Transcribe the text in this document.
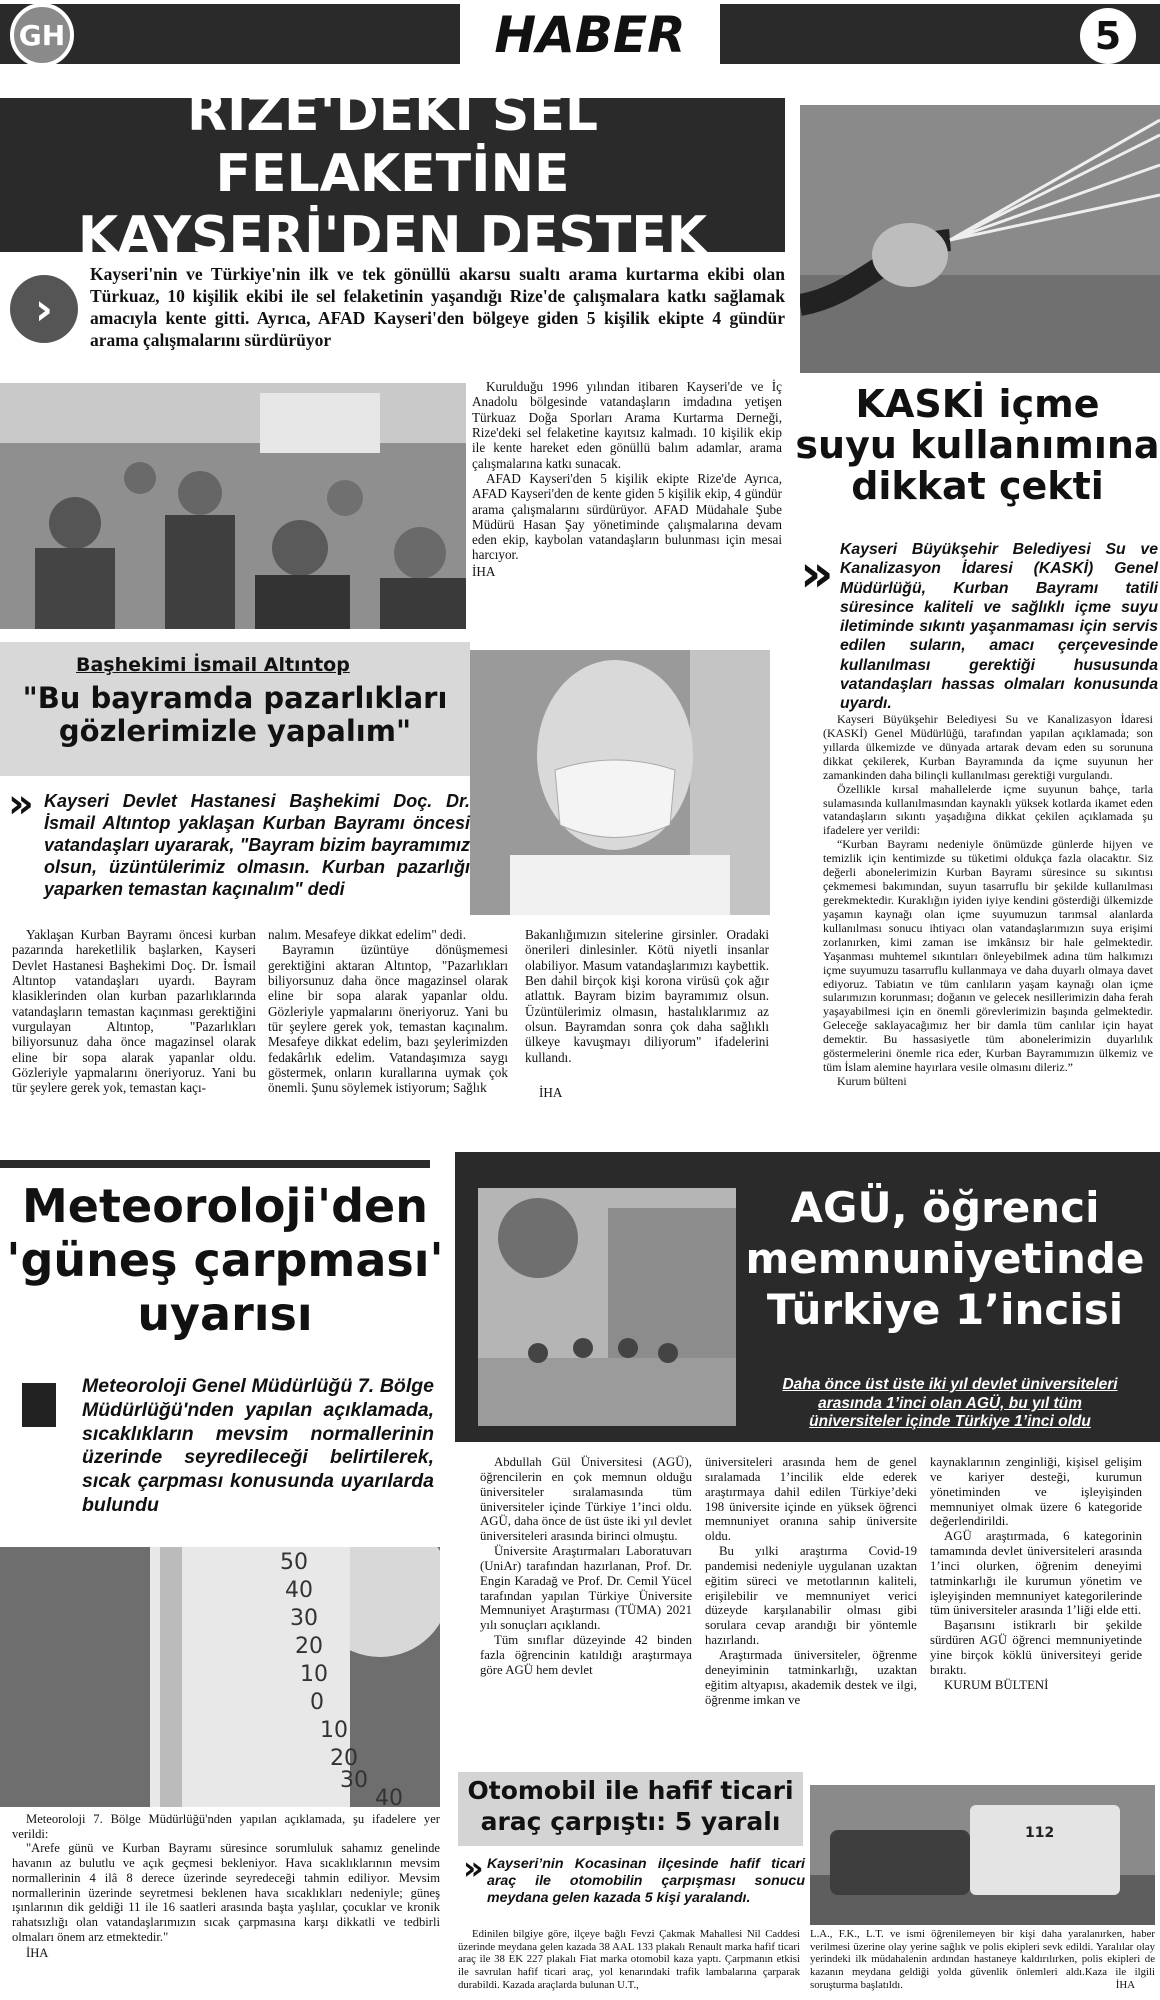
GH	HABER	5
RİZE'DEKİ SEL FELAKETİNE KAYSERİ'DEN DESTEK
›
Kayseri'nin ve Türkiye'nin ilk ve tek gönüllü akarsu sualtı arama kurtarma ekibi olan Türkuaz, 10 kişilik ekibi ile sel felaketinin yaşandığı Rize'de çalışmalara katkı sağlamak amacıyla kente gitti. Ayrıca, AFAD Kayseri'den bölgeye giden 5 kişilik ekipte 4 gündür arama çalışmalarını sürdürüyor

Kurulduğu 1996 yılından itibaren Kayseri'de ve İç Anadolu bölgesinde vatandaşların imdadına yetişen Türkuaz Doğa Sporları Arama Kurtarma Derneği, Rize'deki sel felaketine kayıtsız kalmadı. 10 kişilik ekip ile kente hareket eden gönüllü balım adamlar, arama çalışmalarına katkı sunacak.

AFAD Kayseri'den 5 kişilik ekipte Rize'de Ayrıca, AFAD Kayseri'den de kente giden 5 kişilik ekip, 4 gündür arama çalışmalarını sürdürüyor. AFAD Müdahale Şube Müdürü Hasan Şay yönetiminde çalışmalarına devam eden ekip, kaybolan vatandaşların bulunması için mesai harcıyor.

İHA
KASKİ içme
suyu kullanımına
dikkat çekti
» Kayseri Büyükşehir Belediyesi Su ve Kanalizasyon İdaresi (KASKİ) Genel Müdürlüğü, Kurban Bayramı tatili süresince kaliteli ve sağlıklı içme suyu iletiminde sıkıntı yaşanmaması için servis edilen suların, amacı çerçevesinde kullanılması gerektiği hususunda vatandaşları hassas olmaları konusunda uyardı.

Kayseri Büyükşehir Belediyesi Su ve Kanalizasyon İdaresi (KASKİ) Genel Müdürlüğü, tarafından yapılan açıklamada; son yıllarda ülkemizde ve dünyada artarak devam eden su sorununa dikkat çekilerek, Kurban Bayramında da içme suyunun her zamankinden daha bilinçli kullanılması gerektiği vurgulandı.

Özellikle kırsal mahallelerde içme suyunun bahçe, tarla sulamasında kullanılmasından kaynaklı yüksek kotlarda ikamet eden vatandaşların sıkıntı yaşadığına dikkat çekilen açıklamada şu ifadelere yer verildi:

“Kurban Bayramı nedeniyle önümüzde günlerde hijyen ve temizlik için kentimizde su tüketimi oldukça fazla olacaktır. Siz değerli abonelerimizin Kurban Bayramı süresince su sıkıntısı çekmemesi bakımından, suyun tasarruflu bir şekilde kullanılması gerekmektedir. Kuraklığın iyiden iyiye kendini gösterdiği ülkemizde yaşamın kaynağı olan içme suyumuzun tarımsal alanlarda kullanılması sonucu ihtiyacı olan vatandaşlarımızın suya erişimi zorlanırken, kimi zaman ise imkânsız bir hale gelmektedir. Yaşanması muhtemel sıkıntıları önleyebilmek adına tüm halkımızı içme suyumuzu tasarruflu kullanmaya ve daha duyarlı olmaya davet ediyoruz. Tabiatın ve tüm canlıların yaşam kaynağı olan içme sularımızın korunması; doğanın ve gelecek nesillerimizin daha ferah yaşayabilmesi için en önemli görevlerimizin başında gelmektedir. Geleceğe saklayacağımız her bir damla tüm canlılar için hayat demektir. Bu hassasiyetle tüm abonelerimizin duyarlılık göstermelerini önemle rica eder, Kurban Bayramımızın ülkemiz ve tüm İslam alemine hayırlara vesile olmasını dileriz.”

Kurum bülteni

Başhekimi İsmail Altıntop
"Bu bayramda pazarlıkları
gözlerimizle yapalım"
» Kayseri Devlet Hastanesi Başhekimi Doç. Dr. İsmail Altıntop yaklaşan Kurban Bayramı öncesi vatandaşları uyararak, "Bayram bizim bayramımız olsun, üzüntülerimiz olmasın. Kurban pazarlığı yaparken temastan kaçınalım" dedi
Yaklaşan Kurban Bayramı öncesi kurban pazarında hareketlilik başlarken, Kayseri Devlet Hastanesi Başhekimi Doç. Dr. İsmail Altıntop vatandaşları uyardı. Bayram klasiklerinden olan kurban pazarlıklarında vatandaşların temastan kaçınması gerektiğini vurgulayan Altıntop, "Pazarlıkları biliyorsunuz daha önce magazinsel olarak eline bir sopa alarak yapanlar oldu. Gözleriyle yapmalarını öneriyoruz. Yani bu tür şeylere gerek yok, temastan kaçı-
nalım. Mesafeye dikkat edelim" dedi.

Bayramın üzüntüye dönüşmemesi gerektiğini aktaran Altıntop, "Pazarlıkları biliyorsunuz daha önce magazinsel olarak eline bir sopa alarak yapanlar oldu. Gözleriyle yapmalarını öneriyoruz. Yani bu tür şeylere gerek yok, temastan kaçınalım. Mesafeye dikkat edelim, bazı şeylerimizden fedakârlık edelim. Vatandaşımıza saygı göstermek, onların kurallarına uymak çok önemli. Şunu söylemek istiyorum; Sağlık

Bakanlığımızın sitelerine girsinler. Oradaki önerileri dinlesinler. Kötü niyetli insanlar olabiliyor. Masum vatandaşlarımızı kaybettik. Ben dahil birçok kişi korona virüsü çok ağır atlattık. Bayram bizim bayramımız olsun. Üzüntülerimiz olmasın, hastalıklarımız az olsun. Bayramdan sonra çok daha sağlıklı ülkeye kavuşmayı diliyorum" ifadelerini kullandı.
İHA
Meteoroloji'den
'güneş çarpması'
uyarısı
Meteoroloji Genel Müdürlüğü 7. Bölge Müdürlüğü'nden yapılan açıklamada, sıcaklıkların mevsim normallerinin üzerinde seyredileceği belirtilerek, sıcak çarpması konusunda uyarılarda bulundu
50
40
30
20
10
0
10
20
30
40

Meteoroloji 7. Bölge Müdürlüğü'nden yapılan açıklamada, şu ifadelere yer verildi:

"Arefe günü ve Kurban Bayramı süresince sorumluluk sahamız genelinde havanın az bulutlu ve açık geçmesi bekleniyor. Hava sıcaklıklarının mevsim normallerinin 4 ilâ 8 derece üzerinde seyredeceği tahmin ediliyor. Mevsim normallerinin üzerinde seyretmesi beklenen hava sıcaklıkları nedeniyle; güneş ışınlarının dik geldiği 11 ile 16 saatleri arasında başta yaşlılar, çocuklar ve kronik rahatsızlığı olan vatandaşlarımızın sıcak çarpmasına karşı dikkatli ve tedbirli olmaları önem arz etmektedir."

İHA
AGÜ, öğrenci
memnuniyetinde
Türkiye 1’incisi
Daha önce üst üste iki yıl devlet üniversiteleri arasında 1’inci olan AGÜ, bu yıl tüm üniversiteler içinde Türkiye 1’inci oldu

Abdullah Gül Üniversitesi (AGÜ), öğrencilerin en çok memnun olduğu üniversiteler sıralamasında tüm üniversiteler içinde Türkiye 1’inci oldu. AGÜ, daha önce de üst üste iki yıl devlet üniversiteleri arasında birinci olmuştu.

Üniversite Araştırmaları Laboratuvarı (UniAr) tarafından hazırlanan, Prof. Dr. Engin Karadağ ve Prof. Dr. Cemil Yücel tarafından yapılan Türkiye Üniversite Memnuniyet Araştırması (TÜMA) 2021 yılı sonuçları açıklandı.

Tüm sınıflar düzeyinde 42 binden fazla öğrencinin katıldığı araştırmaya göre AGÜ hem devlet

üniversiteleri arasında hem de genel sıralamada 1’incilik elde ederek araştırmaya dahil edilen Türkiye’deki 198 üniversite içinde en yüksek öğrenci memnuniyet oranına sahip üniversite oldu.

Bu yılki araştırma Covid-19 pandemisi nedeniyle uygulanan uzaktan eğitim süreci ve metotlarının kaliteli, erişilebilir ve memnuniyet verici düzeyde karşılanabilir olması gibi sorulara cevap arandığı bir yöntemle hazırlandı.

Araştırmada üniversiteler, öğrenme deneyiminin tatminkarlığı, uzaktan eğitim altyapısı, akademik destek ve ilgi, öğrenme imkan ve

kaynaklarının zenginliği, kişisel gelişim ve kariyer desteği, kurumun yönetiminden ve işleyişinden memnuniyet olmak üzere 6 kategoride değerlendirildi.

AGÜ araştırmada, 6 kategorinin tamamında devlet üniversiteleri arasında 1’inci olurken, öğrenim deneyimi tatminkarlığı ile kurumun yönetim ve işleyişinden memnuniyet kategorilerinde tüm üniversiteler arasında 1’liği elde etti.

Başarısını istikrarlı bir şekilde sürdüren AGÜ öğrenci memnuniyetinde yine birçok köklü üniversiteyi geride bıraktı.

KURUM BÜLTENİ

Otomobil ile hafif ticari
araç çarpıştı: 5 yaralı
» Kayseri’nin Kocasinan ilçesinde hafif ticari araç ile otomobilin çarpışması sonucu meydana gelen kazada 5 kişi yaralandı.
112
Edinilen bilgiye göre, ilçeye bağlı Fevzi Çakmak Mahallesi Nil Caddesi üzerinde meydana gelen kazada 38 AAL 133 plakalı Renault marka hafif ticari araç ile 38 EK 227 plakalı Fiat marka otomobil kaza yaptı. Çarpmanın etkisi ile savrulan hafif ticari araç, yol kenarındaki trafik lambalarına çarparak durabildi. Kazada araçlarda bulunan U.T.,
L.A., F.K., L.T. ve ismi öğrenilemeyen bir kişi daha yaralanırken, haber verilmesi üzerine olay yerine sağlık ve polis ekipleri sevk edildi. Yaralılar olay yerindeki ilk müdahalenin ardından hastaneye kaldırılırken, polis ekipleri de kazanın meydana geldiği yolda güvenlik önlemleri aldı.Kaza ile ilgili soruşturma başlatıldı.	İHA
